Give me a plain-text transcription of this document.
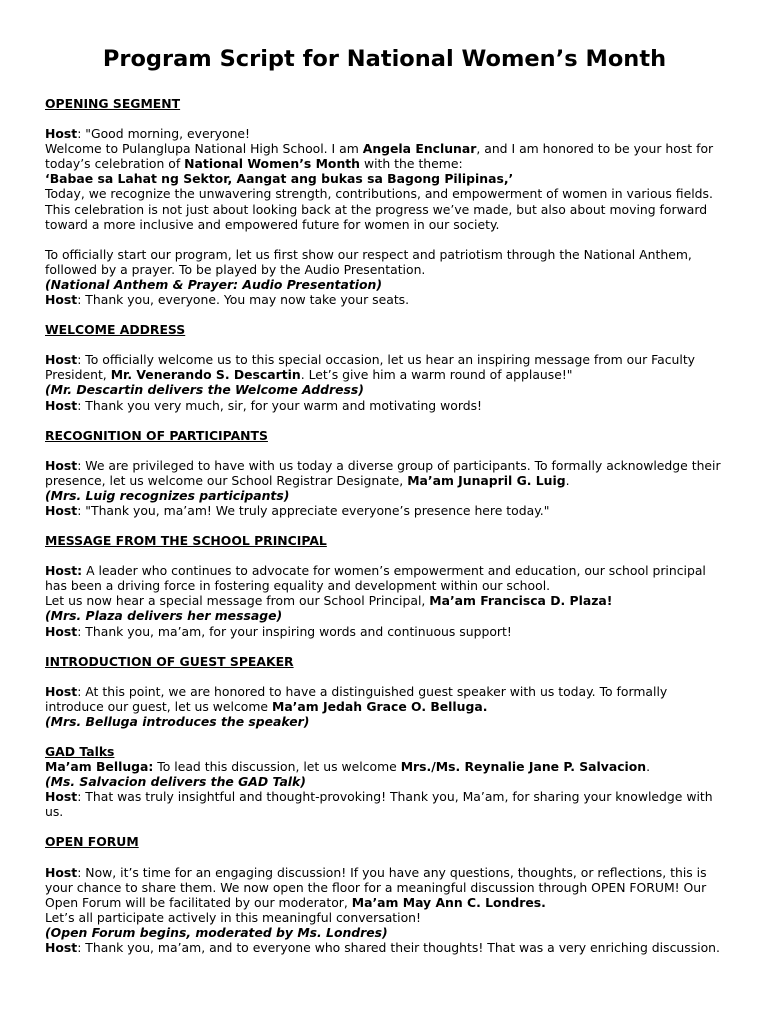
Program Script for National Women’s Month
OPENING SEGMENT

Host: "Good morning, everyone!

Welcome to Pulanglupa National High School. I am Angela Enclunar, and I am honored to be your host for today’s celebration of National Women’s Month with the theme:

‘Babae sa Lahat ng Sektor, Aangat ang bukas sa Bagong Pilipinas,’

Today, we recognize the unwavering strength, contributions, and empowerment of women in various fields. This celebration is not just about looking back at the progress we’ve made, but also about moving forward toward a more inclusive and empowered future for women in our society.

To officially start our program, let us first show our respect and patriotism through the National Anthem, followed by a prayer. To be played by the Audio Presentation.

(National Anthem & Prayer: Audio Presentation)

Host: Thank you, everyone. You may now take your seats.

WELCOME ADDRESS

Host: To officially welcome us to this special occasion, let us hear an inspiring message from our Faculty President, Mr. Venerando S. Descartin. Let’s give him a warm round of applause!"

(Mr. Descartin delivers the Welcome Address)

Host: Thank you very much, sir, for your warm and motivating words!

RECOGNITION OF PARTICIPANTS

Host: We are privileged to have with us today a diverse group of participants. To formally acknowledge their presence, let us welcome our School Registrar Designate, Ma’am Junapril G. Luig.

(Mrs. Luig recognizes participants)

Host: "Thank you, ma’am! We truly appreciate everyone’s presence here today."

MESSAGE FROM THE SCHOOL PRINCIPAL

Host: A leader who continues to advocate for women’s empowerment and education, our school principal has been a driving force in fostering equality and development within our school.

Let us now hear a special message from our School Principal, Ma’am Francisca D. Plaza!

(Mrs. Plaza delivers her message)

Host: Thank you, ma’am, for your inspiring words and continuous support!

INTRODUCTION OF GUEST SPEAKER

Host: At this point, we are honored to have a distinguished guest speaker with us today. To formally introduce our guest, let us welcome Ma’am Jedah Grace O. Belluga.

(Mrs. Belluga introduces the speaker)

GAD Talks

Ma’am Belluga: To lead this discussion, let us welcome Mrs./Ms. Reynalie Jane P. Salvacion.

(Ms. Salvacion delivers the GAD Talk)

Host: That was truly insightful and thought-provoking! Thank you, Ma’am, for sharing your knowledge with us.

OPEN FORUM

Host: Now, it’s time for an engaging discussion! If you have any questions, thoughts, or reflections, this is your chance to share them. We now open the floor for a meaningful discussion through OPEN FORUM! Our Open Forum will be facilitated by our moderator, Ma’am May Ann C. Londres.

Let’s all participate actively in this meaningful conversation!

(Open Forum begins, moderated by Ms. Londres)

Host: Thank you, ma’am, and to everyone who shared their thoughts! That was a very enriching discussion.
